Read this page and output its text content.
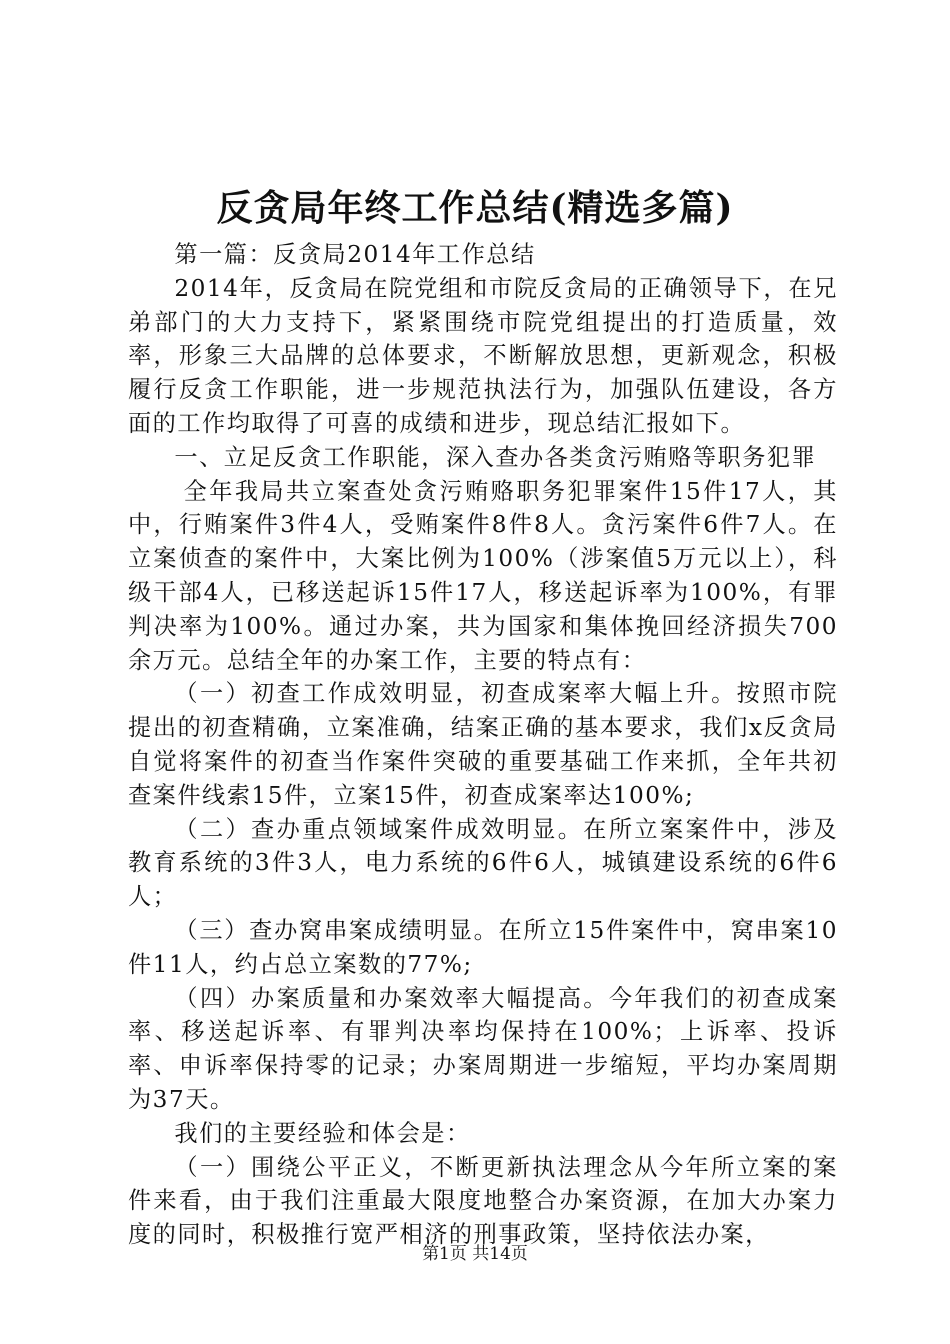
反贪局年终工作总结(精选多篇)

第一篇：反贪局2014年工作总结

2014年，反贪局在院党组和市院反贪局的正确领导下，在兄弟部门的大力支持下，紧紧围绕市院党组提出的打造质量，效率，形象三大品牌的总体要求，不断解放思想，更新观念，积极履行反贪工作职能，进一步规范执法行为，加强队伍建设，各方面的工作均取得了可喜的成绩和进步，现总结汇报如下。

一、立足反贪工作职能，深入查办各类贪污贿赂等职务犯罪

全年我局共立案查处贪污贿赂职务犯罪案件15件17人，其中，行贿案件3件4人，受贿案件8件8人。贪污案件6件7人。在立案侦查的案件中，大案比例为100%（涉案值5万元以上），科级干部4人，已移送起诉15件17人，移送起诉率为100%，有罪判决率为100%。通过办案，共为国家和集体挽回经济损失700余万元。总结全年的办案工作，主要的特点有：

（一）初查工作成效明显，初查成案率大幅上升。按照市院提出的初查精确，立案准确，结案正确的基本要求，我们x反贪局自觉将案件的初查当作案件突破的重要基础工作来抓，全年共初查案件线索15件，立案15件，初查成案率达100%;

（二）查办重点领域案件成效明显。在所立案案件中，涉及教育系统的3件3人，电力系统的6件6人，城镇建设系统的6件6人；

（三）查办窝串案成绩明显。在所立15件案件中，窝串案10件11人，约占总立案数的77%;

（四）办案质量和办案效率大幅提高。今年我们的初查成案率、移送起诉率、有罪判决率均保持在100%；上诉率、投诉率、申诉率保持零的记录；办案周期进一步缩短，平均办案周期为37天。

我们的主要经验和体会是：

（一）围绕公平正义，不断更新执法理念从今年所立案的案件来看，由于我们注重最大限度地整合办案资源，在加大办案力度的同时，积极推行宽严相济的刑事政策，坚持依法办案，

第1页 共14页
